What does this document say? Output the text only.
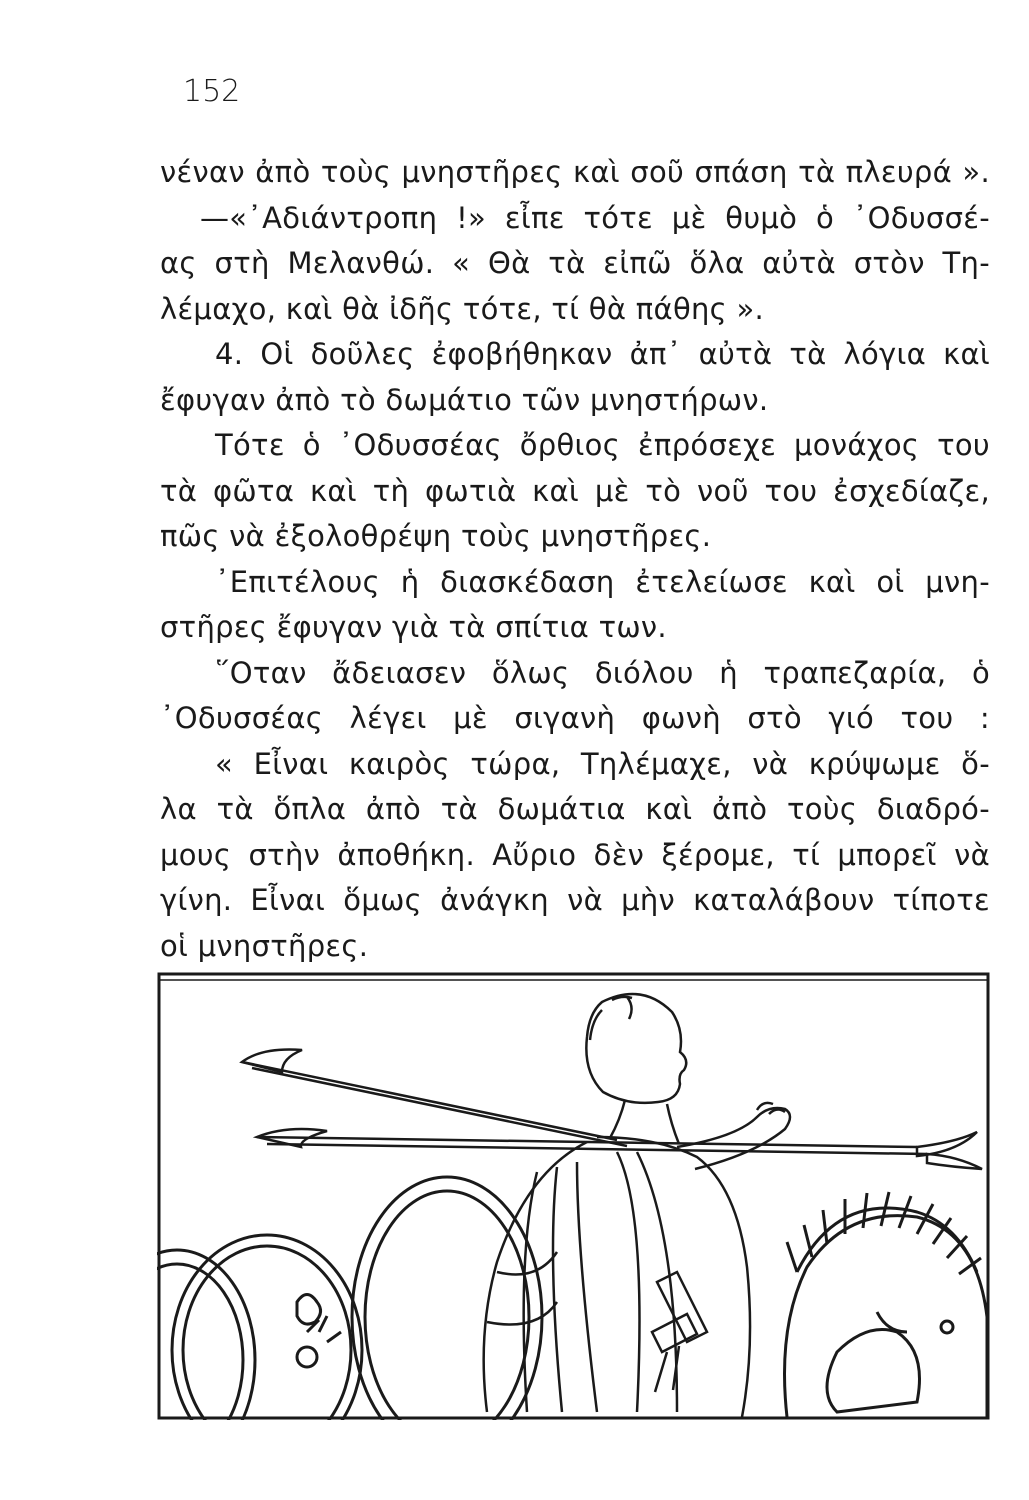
152
νέναν ἀπὸ τοὺς μνηστῆρες καὶ σοῦ σπάση τὰ πλευρά ».
—«᾿Αδιάντροπη !» εἶπε τότε μὲ θυμὸ ὁ ᾿Οδυσσέ-
ας στὴ Μελανθώ. « Θὰ τὰ εἰπῶ ὅλα αὐτὰ στὸν Τη-
λέμαχο, καὶ θὰ ἰδῆς τότε, τί θὰ πάθης ».
4. Οἱ δοῦλες ἐφοβήθηκαν ἀπ᾿ αὐτὰ τὰ λόγια καὶ
ἔφυγαν ἀπὸ τὸ δωμάτιο τῶν μνηστήρων.
Τότε ὁ ᾿Οδυσσέας ὄρθιος ἐπρόσεχε μονάχος του
τὰ φῶτα καὶ τὴ φωτιὰ καὶ μὲ τὸ νοῦ του ἐσχεδίαζε,
πῶς νὰ ἐξολοθρέψη τοὺς μνηστῆρες.
᾿Επιτέλους ἡ διασκέδαση ἐτελείωσε καὶ οἱ μνη-
στῆρες ἔφυγαν γιὰ τὰ σπίτια των.
῞Οταν ἄδειασεν ὅλως διόλου ἡ τραπεζαρία, ὁ
᾿Οδυσσέας λέγει μὲ σιγανὴ φωνὴ στὸ γιό του :
« Εἶναι καιρὸς τώρα, Τηλέμαχε, νὰ κρύψωμε ὅ-
λα τὰ ὅπλα ἀπὸ τὰ δωμάτια καὶ ἀπὸ τοὺς διαδρό-
μους στὴν ἀποθήκη. Αὔριο δὲν ξέρομε, τί μπορεῖ νὰ
γίνη. Εἶναι ὅμως ἀνάγκη νὰ μὴν καταλάβουν τίποτε
οἱ μνηστῆρες.
